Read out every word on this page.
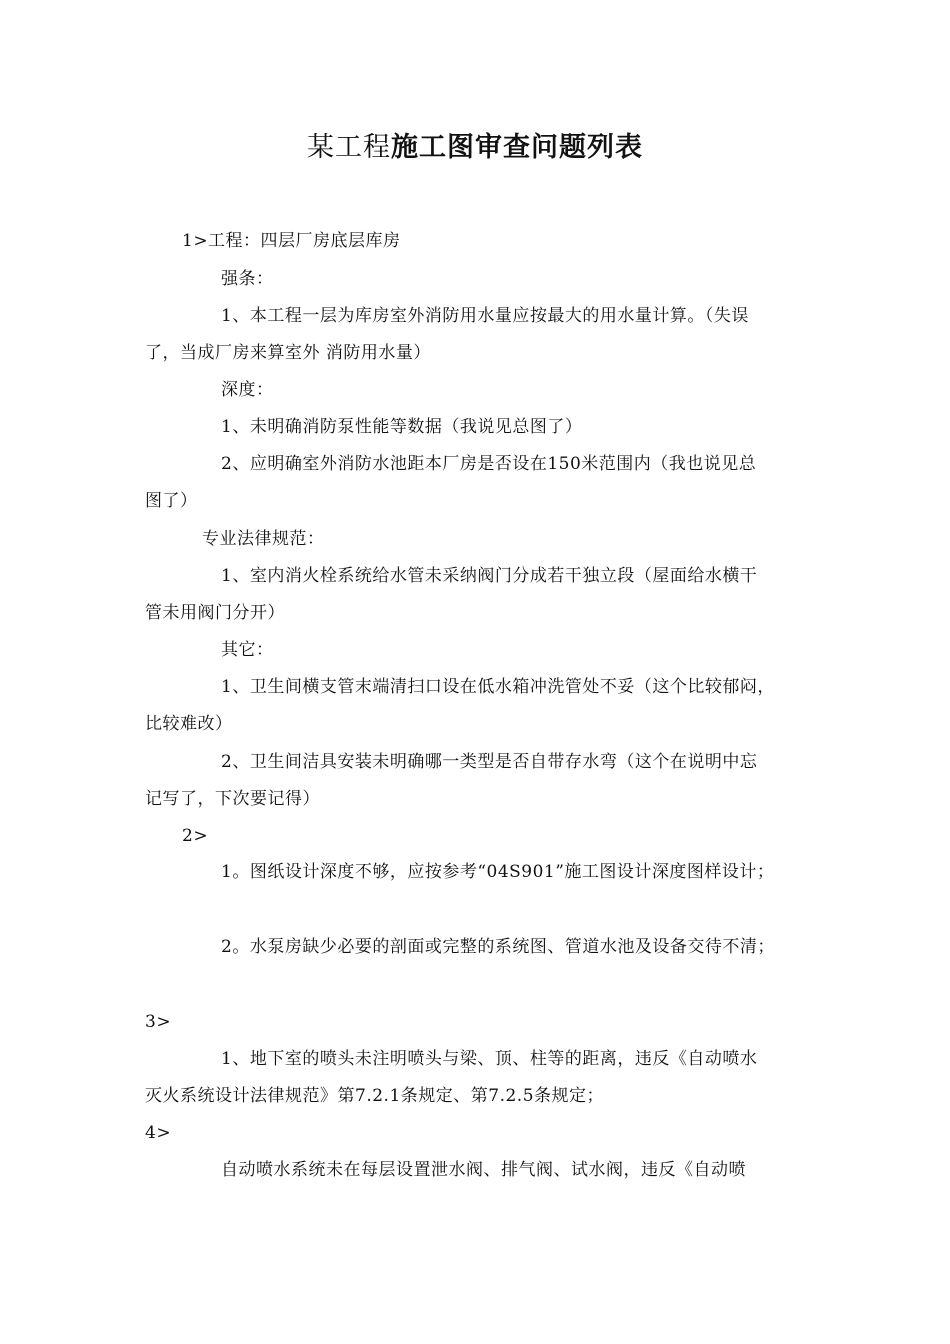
某工程施工图审查问题列表
1>工程：四层厂房底层库房
强条：
1、本工程一层为库房室外消防用水量应按最大的用水量计算。（失误
了，当成厂房来算室外 消防用水量）
深度：
1、未明确消防泵性能等数据（我说见总图了）
2、应明确室外消防水池距本厂房是否设在150米范围内（我也说见总
图了）
专业法律规范：
1、室内消火栓系统给水管未采纳阀门分成若干独立段（屋面给水横干
管未用阀门分开）
其它：
1、卫生间横支管末端清扫口设在低水箱冲洗管处不妥（这个比较郁闷，
比较难改）
2、卫生间洁具安装未明确哪一类型是否自带存水弯（这个在说明中忘
记写了，下次要记得）
2>
1。图纸设计深度不够，应按参考“04S901”施工图设计深度图样设计；
2。水泵房缺少必要的剖面或完整的系统图、管道水池及设备交待不清；
3>
1、地下室的喷头未注明喷头与梁、顶、柱等的距离，违反《自动喷水
灭火系统设计法律规范》第7.2.1条规定、第7.2.5条规定；
4>
自动喷水系统未在每层设置泄水阀、排气阀、试水阀，违反《自动喷
